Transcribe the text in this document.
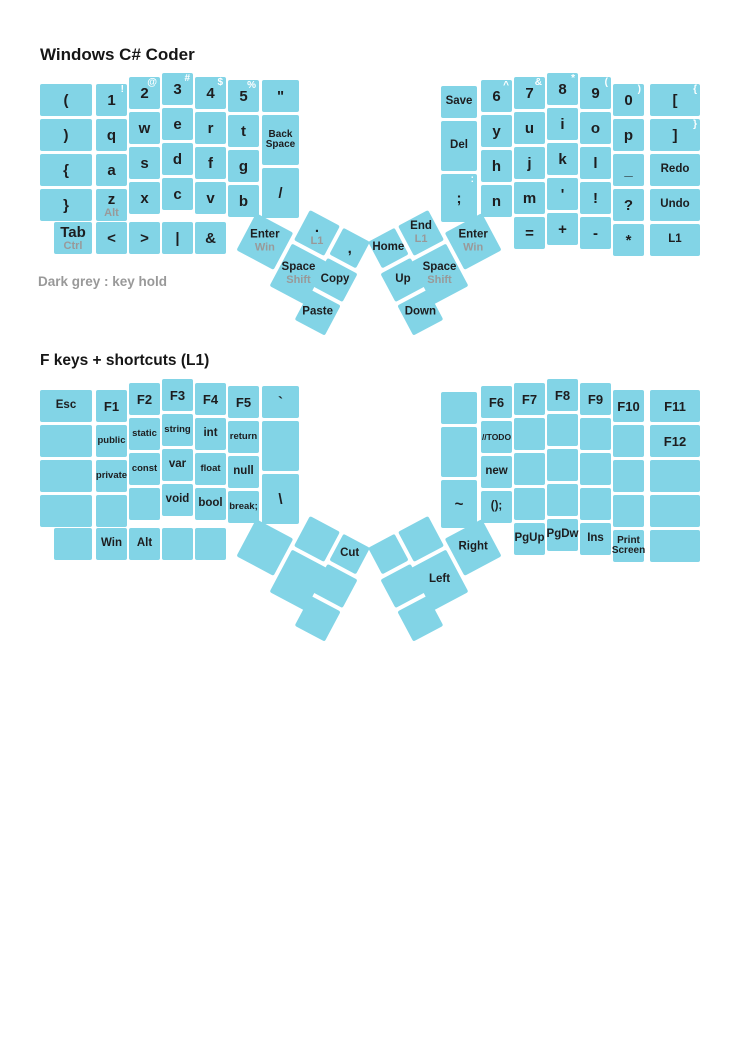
Windows C# Coder
Dark grey : key hold
F keys + shortcuts (L1)
(
)
{
}
Tab
Ctrl
1
!
q
a
z
Alt
<
2
@
w
s
x
>
3
#
e
d
c
|
4
$
r
f
v
&
5
%
t
g
b
"
Back Space
/
Save
Del
;
:
6
^
y
h
n
7
&
u
j
m
=
8
*
i
k
'
+
9
(
o
l
!
-
0
)
p
_
?
*
[
{
]
}
Redo
Undo
L1
Enter
Win
.
L1
Space
Shift
,
Copy
Paste
Home
End
L1	Enter
Win
Up
Space
Shift
Down
Esc F1
public
private
Win
F2
static
const
Alt
F3
string
var
void
F4
int
float
bool
F5
return
null
break;
`
\	~
F6
//TODO
new
();
F7
PgUp
F8
PgDw
F9
Ins
F10
Print Screen
F11
F12
Cut
Right
Left
